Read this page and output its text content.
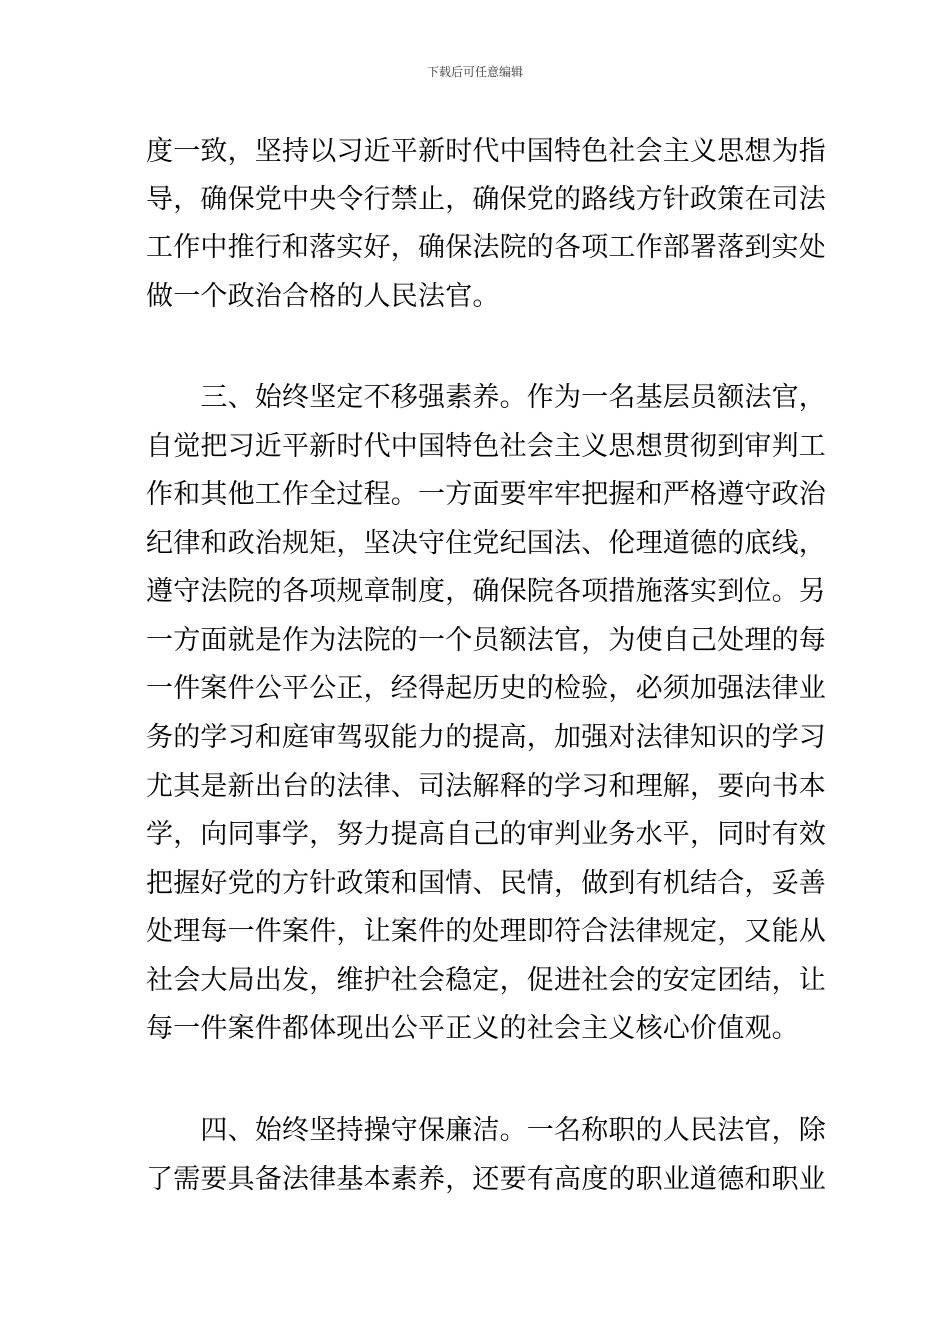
下载后可任意编辑
度一致，坚持以习近平新时代中国特色社会主义思想为指
导，确保党中央令行禁止，确保党的路线方针政策在司法
工作中推行和落实好，确保法院的各项工作部署落到实处
做一个政治合格的人民法官。
　　三、始终坚定不移强素养。作为一名基层员额法官，
自觉把习近平新时代中国特色社会主义思想贯彻到审判工
作和其他工作全过程。一方面要牢牢把握和严格遵守政治
纪律和政治规矩，坚决守住党纪国法、伦理道德的底线，
遵守法院的各项规章制度，确保院各项措施落实到位。另
一方面就是作为法院的一个员额法官，为使自己处理的每
一件案件公平公正，经得起历史的检验，必须加强法律业
务的学习和庭审驾驭能力的提高，加强对法律知识的学习
尤其是新出台的法律、司法解释的学习和理解，要向书本
学，向同事学，努力提高自己的审判业务水平，同时有效
把握好党的方针政策和国情、民情，做到有机结合，妥善
处理每一件案件，让案件的处理即符合法律规定，又能从
社会大局出发，维护社会稳定，促进社会的安定团结，让
每一件案件都体现出公平正义的社会主义核心价值观。
　　四、始终坚持操守保廉洁。一名称职的人民法官，除
了需要具备法律基本素养，还要有高度的职业道德和职业
